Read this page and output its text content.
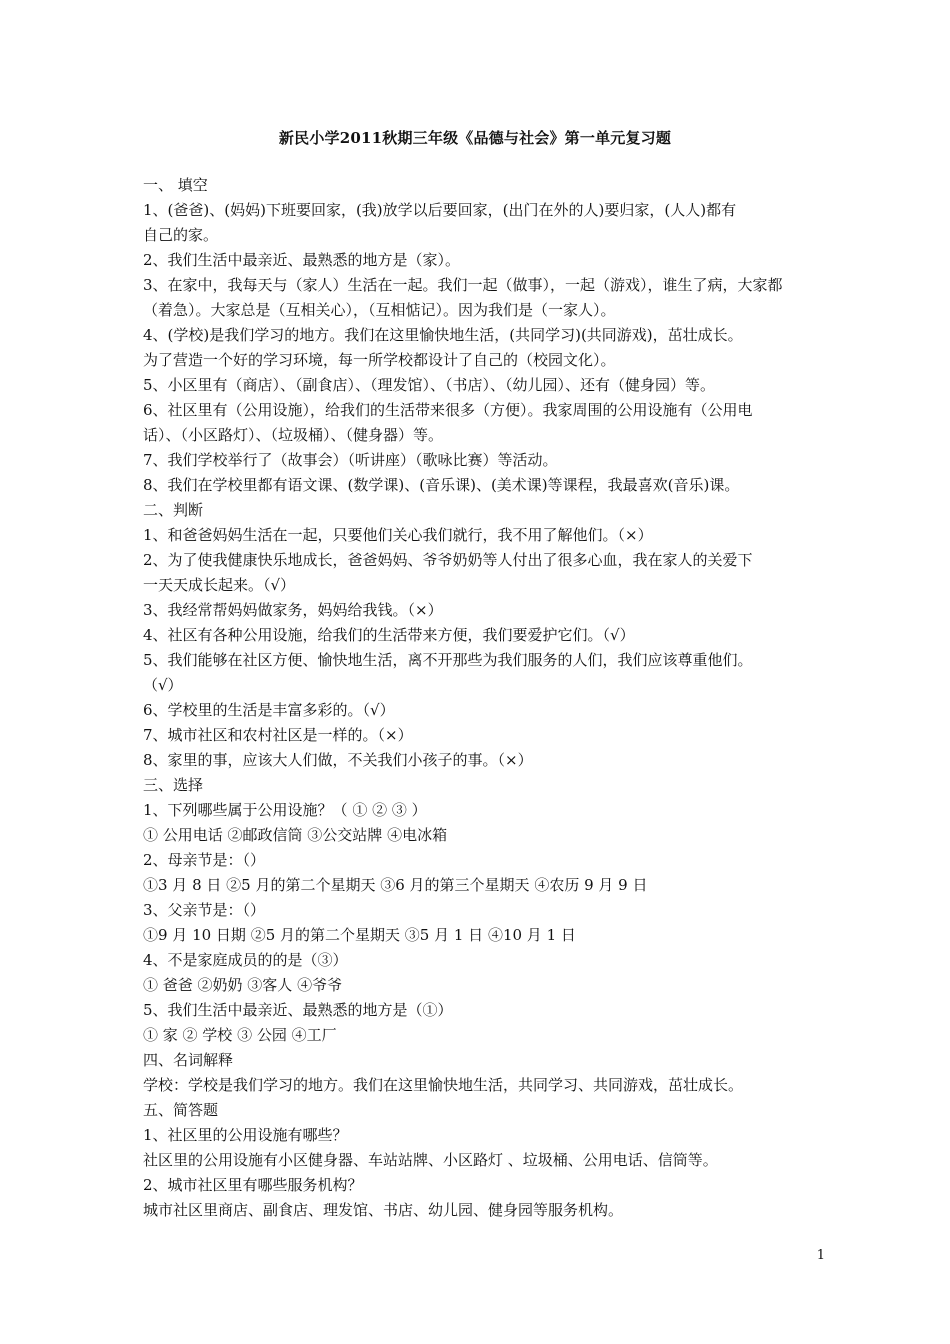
新民小学2011秋期三年级《品德与社会》第一单元复习题
一、 填空
1、(爸爸)、(妈妈)下班要回家，(我)放学以后要回家，(出门在外的人)要归家，(人人)都有
自己的家。
2、我们生活中最亲近、最熟悉的地方是（家）。
3、在家中，我每天与（家人）生活在一起。我们一起（做事），一起（游戏），谁生了病，大家都
（着急）。大家总是（互相关心），（互相惦记）。因为我们是（一家人）。
4、(学校)是我们学习的地方。我们在这里愉快地生活，(共同学习)(共同游戏)，茁壮成长。
为了营造一个好的学习环境，每一所学校都设计了自己的（校园文化）。
5、小区里有（商店）、（副食店）、（理发馆）、（书店）、（幼儿园）、还有（健身园）等。
6、社区里有（公用设施），给我们的生活带来很多（方便）。我家周围的公用设施有（公用电
话）、（小区路灯）、（垃圾桶）、（健身器）等。
7、我们学校举行了（故事会）（听讲座）（歌咏比赛）等活动。
8、我们在学校里都有语文课、(数学课)、(音乐课)、(美术课)等课程，我最喜欢(音乐)课。
二、判断
1、和爸爸妈妈生活在一起，只要他们关心我们就行，我不用了解他们。（×）
2、为了使我健康快乐地成长，爸爸妈妈、爷爷奶奶等人付出了很多心血，我在家人的关爱下
一天天成长起来。（√）
3、我经常帮妈妈做家务，妈妈给我钱。（×）
4、社区有各种公用设施，给我们的生活带来方便，我们要爱护它们。（√）
5、我们能够在社区方便、愉快地生活，离不开那些为我们服务的人们，我们应该尊重他们。
（√）
6、学校里的生活是丰富多彩的。（√）
7、城市社区和农村社区是一样的。（×）
8、家里的事，应该大人们做，不关我们小孩子的事。（×）
三、选择
1、下列哪些属于公用设施？（ ① ② ③ ）
① 公用电话 ②邮政信筒 ③公交站牌 ④电冰箱
2、母亲节是：（）
①3 月 8 日 ②5 月的第二个星期天 ③6 月的第三个星期天 ④农历 9 月 9 日
3、父亲节是：（）
①9 月 10 日期 ②5 月的第二个星期天 ③5 月 1 日 ④10 月 1 日
4、不是家庭成员的的是（③）
① 爸爸 ②奶奶 ③客人 ④爷爷
5、我们生活中最亲近、最熟悉的地方是（①）
① 家 ② 学校 ③ 公园 ④工厂
四、名词解释
学校：学校是我们学习的地方。我们在这里愉快地生活，共同学习、共同游戏，茁壮成长。
五、简答题
1、社区里的公用设施有哪些？
社区里的公用设施有小区健身器、车站站牌、小区路灯 、垃圾桶、公用电话、信筒等。
2、城市社区里有哪些服务机构？
城市社区里商店、副食店、理发馆、书店、幼儿园、健身园等服务机构。
1
